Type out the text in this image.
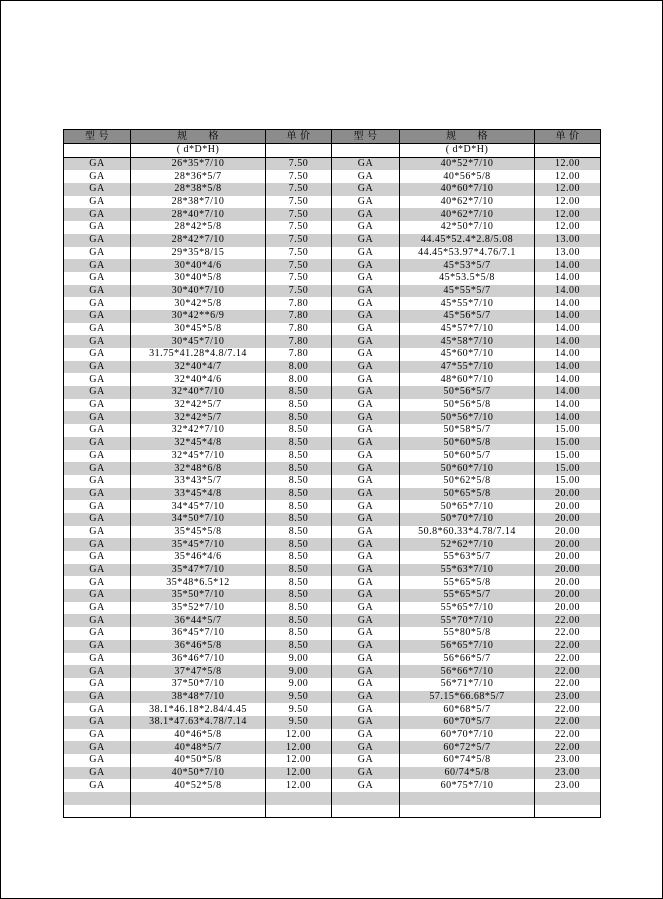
型 号	规　　格	单 价	型 号	规　　格	单 价
	( d*D*H)			( d*D*H)	
GA	26*35*7/10	7.50	GA	40*52*7/10	12.00
GA	28*36*5/7	7.50	GA	40*56*5/8	12.00
GA	28*38*5/8	7.50	GA	40*60*7/10	12.00
GA	28*38*7/10	7.50	GA	40*62*7/10	12.00
GA	28*40*7/10	7.50	GA	40*62*7/10	12.00
GA	28*42*5/8	7.50	GA	42*50*7/10	12.00
GA	28*42*7/10	7.50	GA	44.45*52.4*2.8/5.08	13.00
GA	29*35*8/15	7.50	GA	44.45*53.97*4.76/7.1	13.00
GA	30*40*4/6	7.50	GA	45*53*5/7	14.00
GA	30*40*5/8	7.50	GA	45*53.5*5/8	14.00
GA	30*40*7/10	7.50	GA	45*55*5/7	14.00
GA	30*42*5/8	7.80	GA	45*55*7/10	14.00
GA	30*42**6/9	7.80	GA	45*56*5/7	14.00
GA	30*45*5/8	7.80	GA	45*57*7/10	14.00
GA	30*45*7/10	7.80	GA	45*58*7/10	14.00
GA	31.75*41.28*4.8/7.14	7.80	GA	45*60*7/10	14.00
GA	32*40*4/7	8.00	GA	47*55*7/10	14.00
GA	32*40*4/6	8.00	GA	48*60*7/10	14.00
GA	32*40*7/10	8.50	GA	50*56*5/7	14.00
GA	32*42*5/7	8.50	GA	50*56*5/8	14.00
GA	32*42*5/7	8.50	GA	50*56*7/10	14.00
GA	32*42*7/10	8.50	GA	50*58*5/7	15.00
GA	32*45*4/8	8.50	GA	50*60*5/8	15.00
GA	32*45*7/10	8.50	GA	50*60*5/7	15.00
GA	32*48*6/8	8.50	GA	50*60*7/10	15.00
GA	33*43*5/7	8.50	GA	50*62*5/8	15.00
GA	33*45*4/8	8.50	GA	50*65*5/8	20.00
GA	34*45*7/10	8.50	GA	50*65*7/10	20.00
GA	34*50*7/10	8.50	GA	50*70*7/10	20.00
GA	35*45*5/8	8.50	GA	50.8*60.33*4.78/7.14	20.00
GA	35*45*7/10	8.50	GA	52*62*7/10	20.00
GA	35*46*4/6	8.50	GA	55*63*5/7	20.00
GA	35*47*7/10	8.50	GA	55*63*7/10	20.00
GA	35*48*6.5*12	8.50	GA	55*65*5/8	20.00
GA	35*50*7/10	8.50	GA	55*65*5/7	20.00
GA	35*52*7/10	8.50	GA	55*65*7/10	20.00
GA	36*44*5/7	8.50	GA	55*70*7/10	22.00
GA	36*45*7/10	8.50	GA	55*80*5/8	22.00
GA	36*46*5/8	8.50	GA	56*65*7/10	22.00
GA	36*46*7/10	9.00	GA	56*66*5/7	22.00
GA	37*47*5/8	9.00	GA	56*66*7/10	22.00
GA	37*50*7/10	9.00	GA	56*71*7/10	22.00
GA	38*48*7/10	9.50	GA	57.15*66.68*5/7	23.00
GA	38.1*46.18*2.84/4.45	9.50	GA	60*68*5/7	22.00
GA	38.1*47.63*4.78/7.14	9.50	GA	60*70*5/7	22.00
GA	40*46*5/8	12.00	GA	60*70*7/10	22.00
GA	40*48*5/7	12.00	GA	60*72*5/7	22.00
GA	40*50*5/8	12.00	GA	60*74*5/8	23.00
GA	40*50*7/10	12.00	GA	60/74*5/8	23.00
GA	40*52*5/8	12.00	GA	60*75*7/10	23.00
